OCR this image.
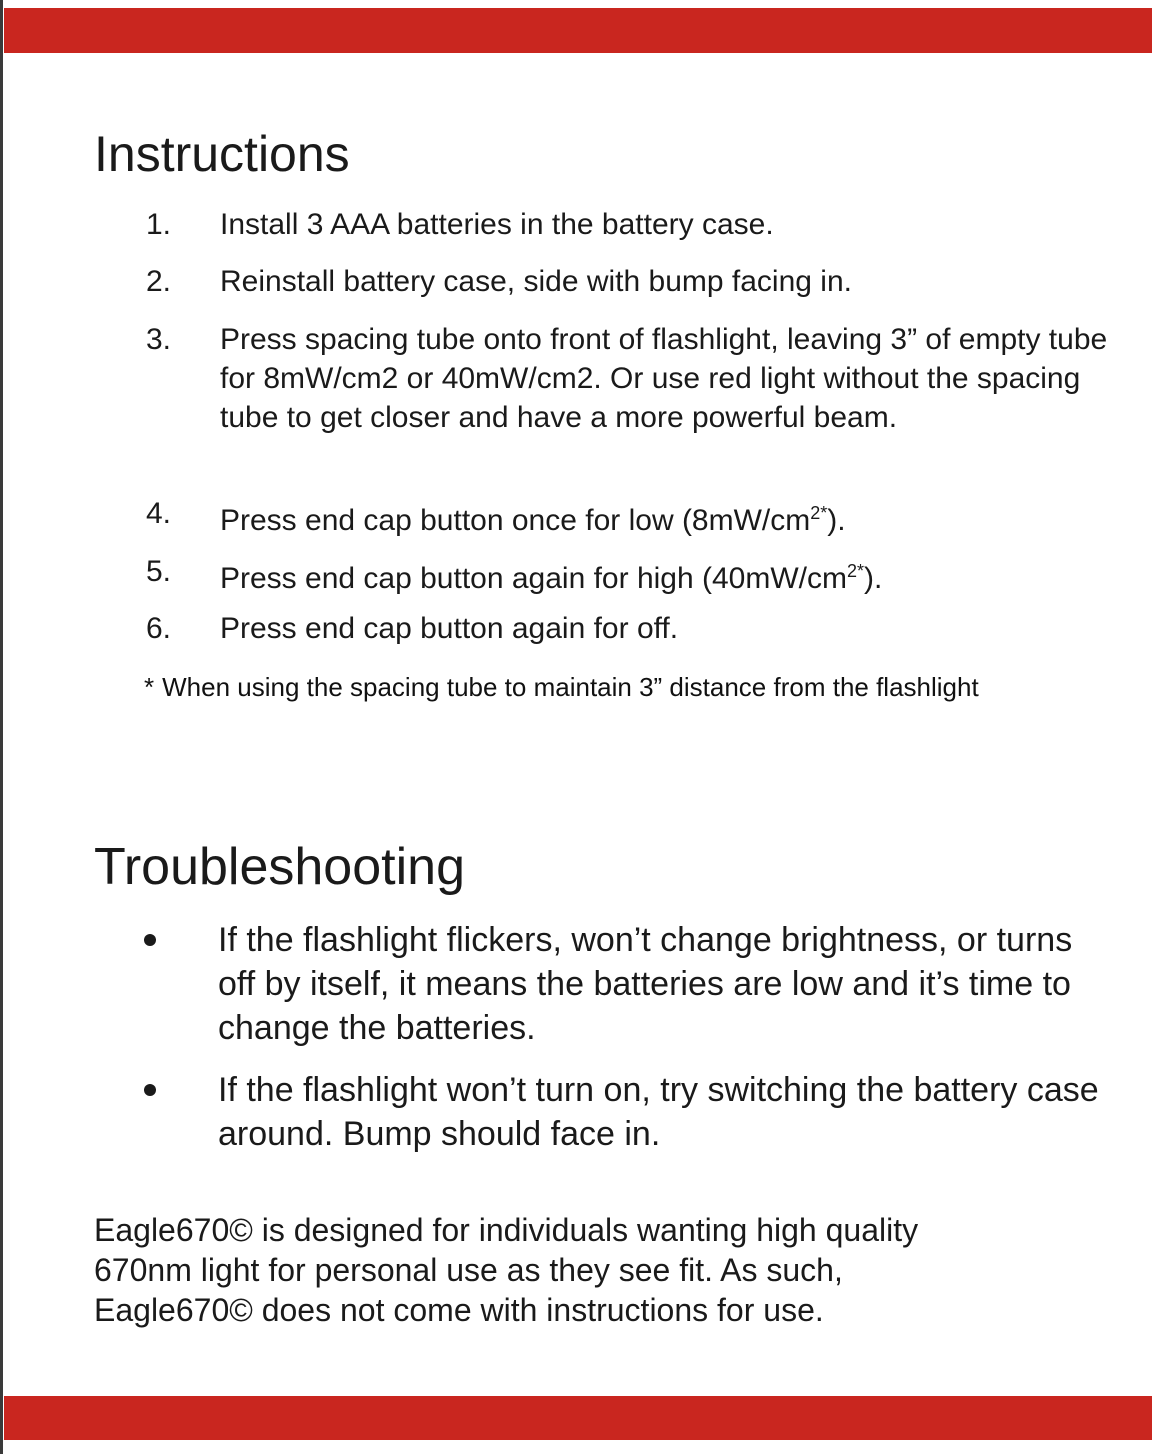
Instructions
1. Install 3 AAA batteries in the battery case.
2. Reinstall battery case, side with bump facing in.
3. Press spacing tube onto front of flashlight, leaving 3” of empty tube for 8mW/cm2 or 40mW/cm2. Or use red light without the spacing tube to get closer and have a more powerful beam.
4. Press end cap button once for low $(8mW/cm^{2*})$.
5. Press end cap button again for high $(40mW/cm^{2*})$.
6. Press end cap button again for off.
* When using the spacing tube to maintain 3” distance from the flashlight
Troubleshooting
If the flashlight flickers, won’t change brightness, or turns off by itself, it means the batteries are low and it’s time to change the batteries.
If the flashlight won’t turn on, try switching the battery case around. Bump should face in.
Eagle670© is designed for individuals wanting high quality
670nm light for personal use as they see fit. As such,
Eagle670© does not come with instructions for use.
